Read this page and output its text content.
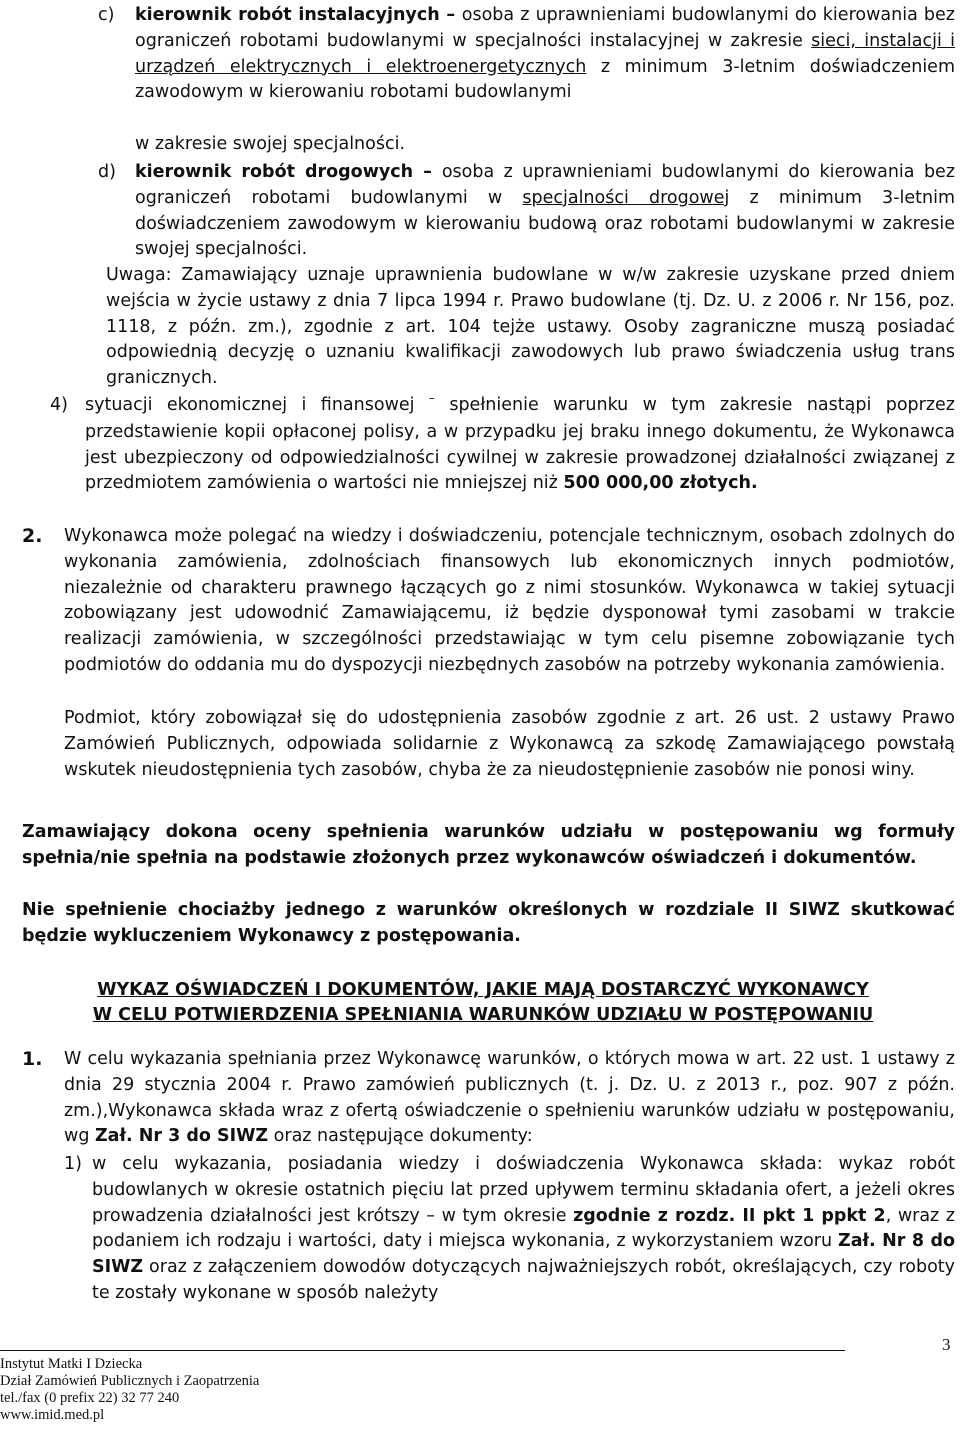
c) kierownik robót instalacyjnych – osoba z uprawnieniami budowlanymi do kierowania bez ograniczeń robotami budowlanymi w specjalności instalacyjnej w zakresie sieci, instalacji i urządzeń elektrycznych i elektroenergetycznych z minimum 3-letnim doświadczeniem zawodowym w kierowaniu robotami budowlanymi
w zakresie swojej specjalności.
d) kierownik robót drogowych – osoba z uprawnieniami budowlanymi do kierowania bez ograniczeń robotami budowlanymi w specjalności drogowej z minimum 3-letnim doświadczeniem zawodowym w kierowaniu budową oraz robotami budowlanymi w zakresie swojej specjalności.
Uwaga: Zamawiający uznaje uprawnienia budowlane w w/w zakresie uzyskane przed dniem wejścia w życie ustawy z dnia 7 lipca 1994 r. Prawo budowlane (tj. Dz. U. z 2006 r. Nr 156, poz. 1118, z późn. zm.), zgodnie z art. 104 tejże ustawy. Osoby zagraniczne muszą posiadać odpowiednią decyzję o uznaniu kwalifikacji zawodowych lub prawo świadczenia usług trans granicznych.
4) sytuacji ekonomicznej i finansowej – spełnienie warunku w tym zakresie nastąpi poprzez przedstawienie kopii opłaconej polisy, a w przypadku jej braku innego dokumentu, że Wykonawca jest ubezpieczony od odpowiedzialności cywilnej w zakresie prowadzonej działalności związanej z przedmiotem zamówienia o wartości nie mniejszej niż 500 000,00 złotych.
2. Wykonawca może polegać na wiedzy i doświadczeniu, potencjale technicznym, osobach zdolnych do wykonania zamówienia, zdolnościach finansowych lub ekonomicznych innych podmiotów, niezależnie od charakteru prawnego łączących go z nimi stosunków. Wykonawca w takiej sytuacji zobowiązany jest udowodnić Zamawiającemu, iż będzie dysponował tymi zasobami w trakcie realizacji zamówienia, w szczególności przedstawiając w tym celu pisemne zobowiązanie tych podmiotów do oddania mu do dyspozycji niezbędnych zasobów na potrzeby wykonania zamówienia.
Podmiot, który zobowiązał się do udostępnienia zasobów zgodnie z art. 26 ust. 2 ustawy Prawo Zamówień Publicznych, odpowiada solidarnie z Wykonawcą za szkodę Zamawiającego powstałą wskutek nieudostępnienia tych zasobów, chyba że za nieudostępnienie zasobów nie ponosi winy.
Zamawiający dokona oceny spełnienia warunków udziału w postępowaniu wg formuły spełnia/nie spełnia na podstawie złożonych przez wykonawców oświadczeń i dokumentów.
Nie spełnienie chociażby jednego z warunków określonych w rozdziale II SIWZ skutkować będzie wykluczeniem Wykonawcy z postępowania.
WYKAZ OŚWIADCZEŃ I DOKUMENTÓW, JAKIE MAJĄ DOSTARCZYĆ WYKONAWCY
W CELU POTWIERDZENIA SPEŁNIANIA WARUNKÓW UDZIAŁU W POSTĘPOWANIU
1. W celu wykazania spełniania przez Wykonawcę warunków, o których mowa w art. 22 ust. 1 ustawy z dnia 29 stycznia 2004 r. Prawo zamówień publicznych (t. j. Dz. U. z 2013 r., poz. 907 z późn. zm.),Wykonawca składa wraz z ofertą oświadczenie o spełnieniu warunków udziału w postępowaniu, wg Zał. Nr 3 do SIWZ oraz następujące dokumenty:
1) w celu wykazania, posiadania wiedzy i doświadczenia Wykonawca składa: wykaz robót budowlanych w okresie ostatnich pięciu lat przed upływem terminu składania ofert, a jeżeli okres prowadzenia działalności jest krótszy – w tym okresie zgodnie z rozdz. II pkt 1 ppkt 2, wraz z podaniem ich rodzaju i wartości, daty i miejsca wykonania, z wykorzystaniem wzoru Zał. Nr 8 do SIWZ oraz z załączeniem dowodów dotyczących najważniejszych robót, określających, czy roboty te zostały wykonane w sposób należyty
3
Instytut Matki I Dziecka
Dział Zamówień Publicznych i Zaopatrzenia
tel./fax (0 prefix 22) 32 77 240
www.imid.med.pl
